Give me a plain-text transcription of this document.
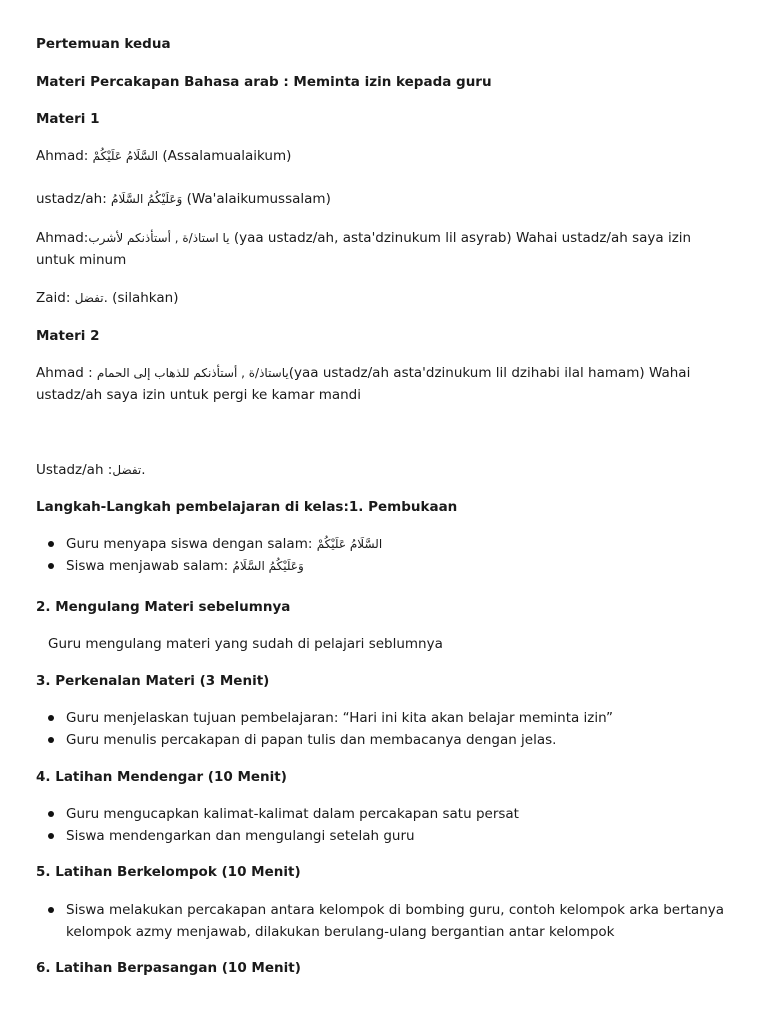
Pertemuan kedua
Materi Percakapan Bahasa arab : Meminta izin kepada guru
Materi 1
Ahmad: السَّلَامُ عَلَيْكُمْ (Assalamualaikum)
ustadz/ah: وَعَلَيْكُمُ السَّلَامُ (Wa'alaikumussalam)
Ahmad:يا استاذ/ة , أستأذنكم لأشرب (yaa ustadz/ah, asta'dzinukum lil asyrab) Wahai ustadz/ah saya izin untuk minum
Zaid: تفضل. (silahkan)
Materi 2
Ahmad : ياستاذ/ة , أستأذنكم للذهاب إلى الحمام(yaa ustadz/ah asta'dzinukum lil dzihabi ilal hamam) Wahai ustadz/ah saya izin untuk pergi ke kamar mandi
Ustadz/ah :تفضل.
Langkah-Langkah pembelajaran di kelas:1. Pembukaan
Guru menyapa siswa dengan salam: السَّلَامُ عَلَيْكُمْ
Siswa menjawab salam: وَعَلَيْكُمُ السَّلَامُ
2. Mengulang Materi sebelumnya
Guru mengulang materi yang sudah di pelajari seblumnya
3. Perkenalan Materi (3 Menit)
Guru menjelaskan tujuan pembelajaran: “Hari ini kita akan belajar meminta izin”
Guru menulis percakapan di papan tulis dan membacanya dengan jelas.
4. Latihan Mendengar (10 Menit)
Guru mengucapkan kalimat-kalimat dalam percakapan satu persat
Siswa mendengarkan dan mengulangi setelah guru
5. Latihan Berkelompok (10 Menit)
Siswa melakukan percakapan antara kelompok di bombing guru, contoh kelompok arka bertanya kelompok azmy menjawab, dilakukan berulang-ulang bergantian antar kelompok
6. Latihan Berpasangan (10 Menit)
